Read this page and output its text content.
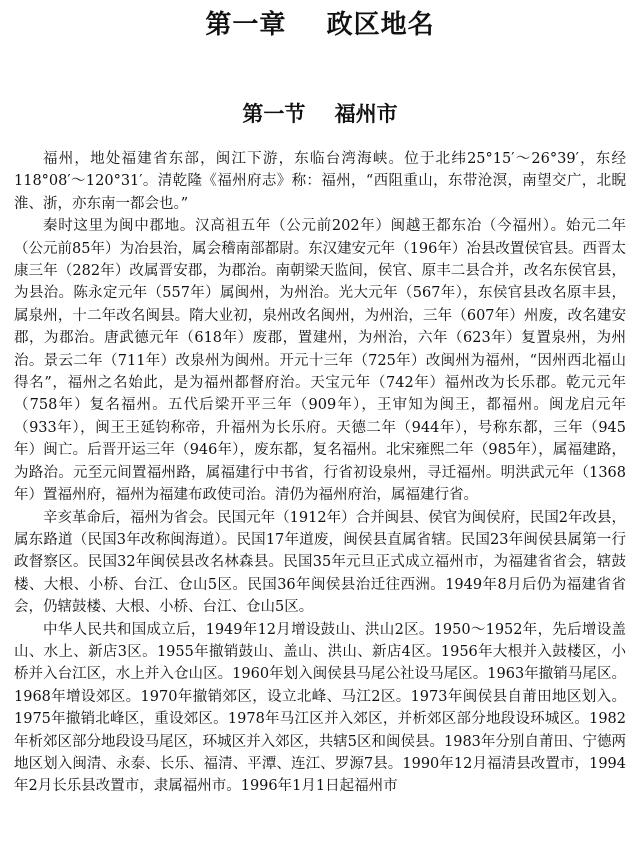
第一章    政区地名
第一节    福州市

福州，地处福建省东部，闽江下游，东临台湾海峡。位于北纬25°15′～26°39′，东经118°08′～120°31′。清乾隆《福州府志》称：福州，“西阻重山，东带沧溟，南望交广，北睨淮、浙，亦东南一都会也。”

秦时这里为闽中郡地。汉高祖五年（公元前202年）闽越王都东冶（今福州）。始元二年（公元前85年）为冶县治，属会稽南部都尉。东汉建安元年（196年）冶县改置侯官县。西晋太康三年（282年）改属晋安郡，为郡治。南朝梁天监间，侯官、原丰二县合并，改名东侯官县，为县治。陈永定元年（557年）属闽州，为州治。光大元年（567年），东侯官县改名原丰县，属泉州，十二年改名闽县。隋大业初，泉州改名闽州，为州治，三年（607年）州废，改名建安郡，为郡治。唐武德元年（618年）废郡，置建州，为州治，六年（623年）复置泉州，为州治。景云二年（711年）改泉州为闽州。开元十三年（725年）改闽州为福州，“因州西北福山得名”，福州之名始此，是为福州都督府治。天宝元年（742年）福州改为长乐郡。乾元元年（758年）复名福州。五代后梁开平三年（909年），王审知为闽王，都福州。闽龙启元年（933年），闽王王延钧称帝，升福州为长乐府。天德二年（944年），号称东都，三年（945年）闽亡。后晋开运三年（946年），废东都，复名福州。北宋雍熙二年（985年），属福建路，为路治。元至元间置福州路，属福建行中书省，行省初设泉州，寻迁福州。明洪武元年（1368年）置福州府，福州为福建布政使司治。清仍为福州府治，属福建行省。

辛亥革命后，福州为省会。民国元年（1912年）合并闽县、侯官为闽侯府，民国2年改县，属东路道（民国3年改称闽海道）。民国17年道废，闽侯县直属省辖。民国23年闽侯县属第一行政督察区。民国32年闽侯县改名林森县。民国35年元旦正式成立福州市，为福建省省会，辖鼓楼、大根、小桥、台江、仓山5区。民国36年闽侯县治迁往西洲。1949年8月后仍为福建省省会，仍辖鼓楼、大根、小桥、台江、仓山5区。

中华人民共和国成立后，1949年12月增设鼓山、洪山2区。1950～1952年，先后增设盖山、水上、新店3区。1955年撤销鼓山、盖山、洪山、新店4区。1956年大根并入鼓楼区，小桥并入台江区，水上并入仓山区。1960年划入闽侯县马尾公社设马尾区。1963年撤销马尾区。1968年增设郊区。1970年撤销郊区，设立北峰、马江2区。1973年闽侯县自莆田地区划入。1975年撤销北峰区，重设郊区。1978年马江区并入郊区，并析郊区部分地段设环城区。1982年析郊区部分地段设马尾区，环城区并入郊区，共辖5区和闽侯县。1983年分别自莆田、宁德两地区划入闽清、永泰、长乐、福清、平潭、连江、罗源7县。1990年12月福清县改置市，1994年2月长乐县改置市，隶属福州市。1996年1月1日起福州市
